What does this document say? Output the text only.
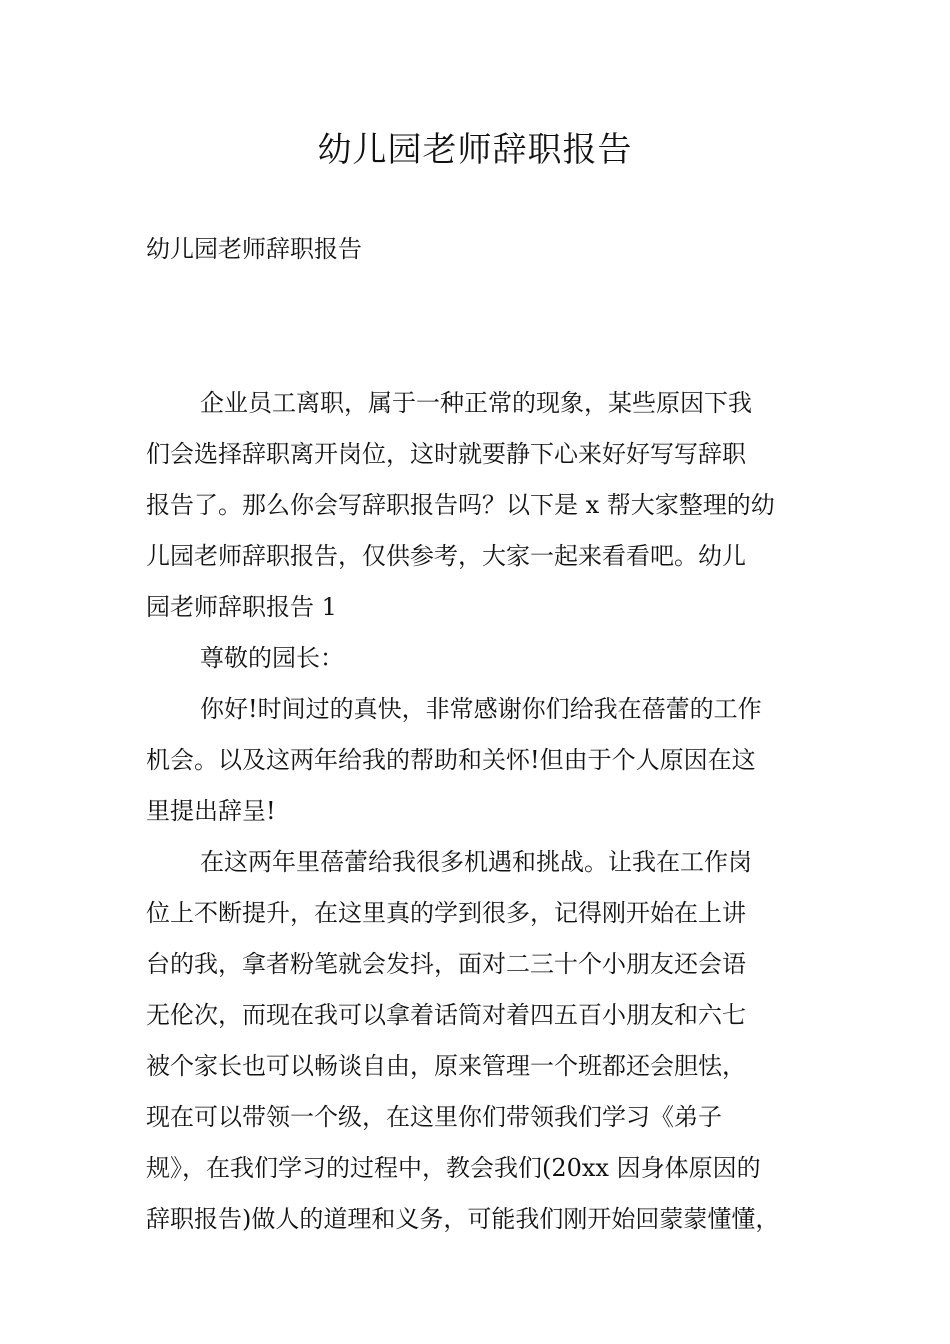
幼儿园老师辞职报告
幼儿园老师辞职报告
企业员工离职，属于一种正常的现象，某些原因下我
们会选择辞职离开岗位，这时就要静下心来好好写写辞职
报告了。那么你会写辞职报告吗？以下是 x 帮大家整理的幼
儿园老师辞职报告，仅供参考，大家一起来看看吧。幼儿
园老师辞职报告 1
尊敬的园长：
你好!时间过的真快，非常感谢你们给我在蓓蕾的工作
机会。以及这两年给我的帮助和关怀!但由于个人原因在这
里提出辞呈!
在这两年里蓓蕾给我很多机遇和挑战。让我在工作岗
位上不断提升，在这里真的学到很多，记得刚开始在上讲
台的我，拿者粉笔就会发抖，面对二三十个小朋友还会语
无伦次，而现在我可以拿着话筒对着四五百小朋友和六七
被个家长也可以畅谈自由，原来管理一个班都还会胆怯，
现在可以带领一个级，在这里你们带领我们学习《弟子
规》，在我们学习的过程中，教会我们(20xx 因身体原因的
辞职报告)做人的道理和义务，可能我们刚开始回蒙蒙懂懂，
